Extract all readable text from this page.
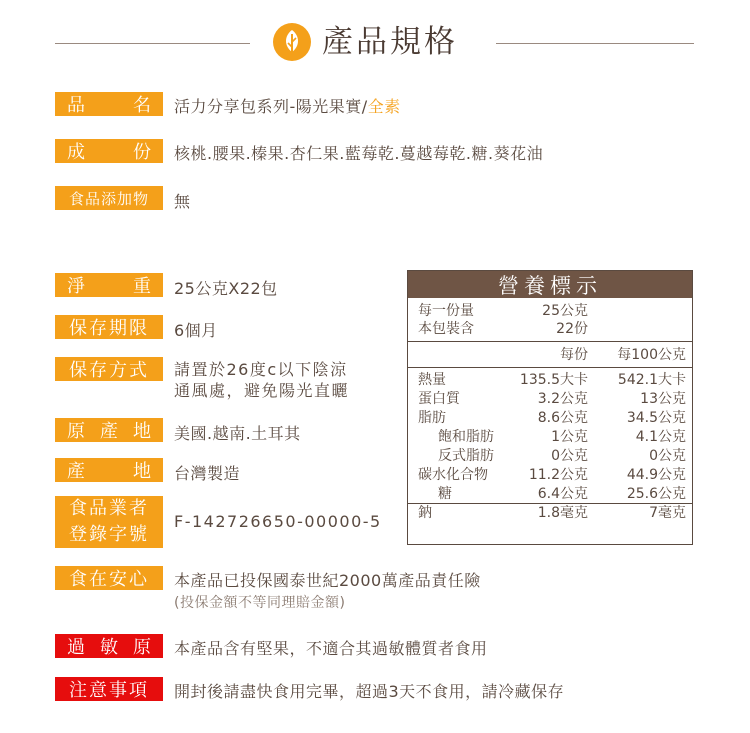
產品規格
品	名 活力分享包系列-陽光果實/全素
成	份 核桃.腰果.榛果.杏仁果.藍莓乾.蔓越莓乾.糖.葵花油
食品添加物	無
淨	重 25公克X22包
保存期限	6個月
保存方式	請置於26度c以下陰涼
通風處，避免陽光直曬
原 產 地 美國.越南.土耳其
產	地 台灣製造
食品業者
登錄字號
F-142726650-00000-5
食在安心	本產品已投保國泰世紀2000萬產品責任險
(投保金額不等同理賠金額)
過 敏 原 本產品含有堅果，不適合其過敏體質者食用
注意事項	開封後請盡快食用完畢，超過3天不食用，請冷藏保存
營養標示
每一份量	25公克
本包裝含	22份
每份 每100公克
熱量	135.5大卡 542.1大卡
蛋白質	3.2公克	13公克
脂肪	8.6公克	34.5公克
飽和脂肪	1公克	4.1公克
反式脂肪	0公克	0公克
碳水化合物	11.2公克	44.9公克
糖	6.4公克	25.6公克
鈉	1.8毫克	7毫克
